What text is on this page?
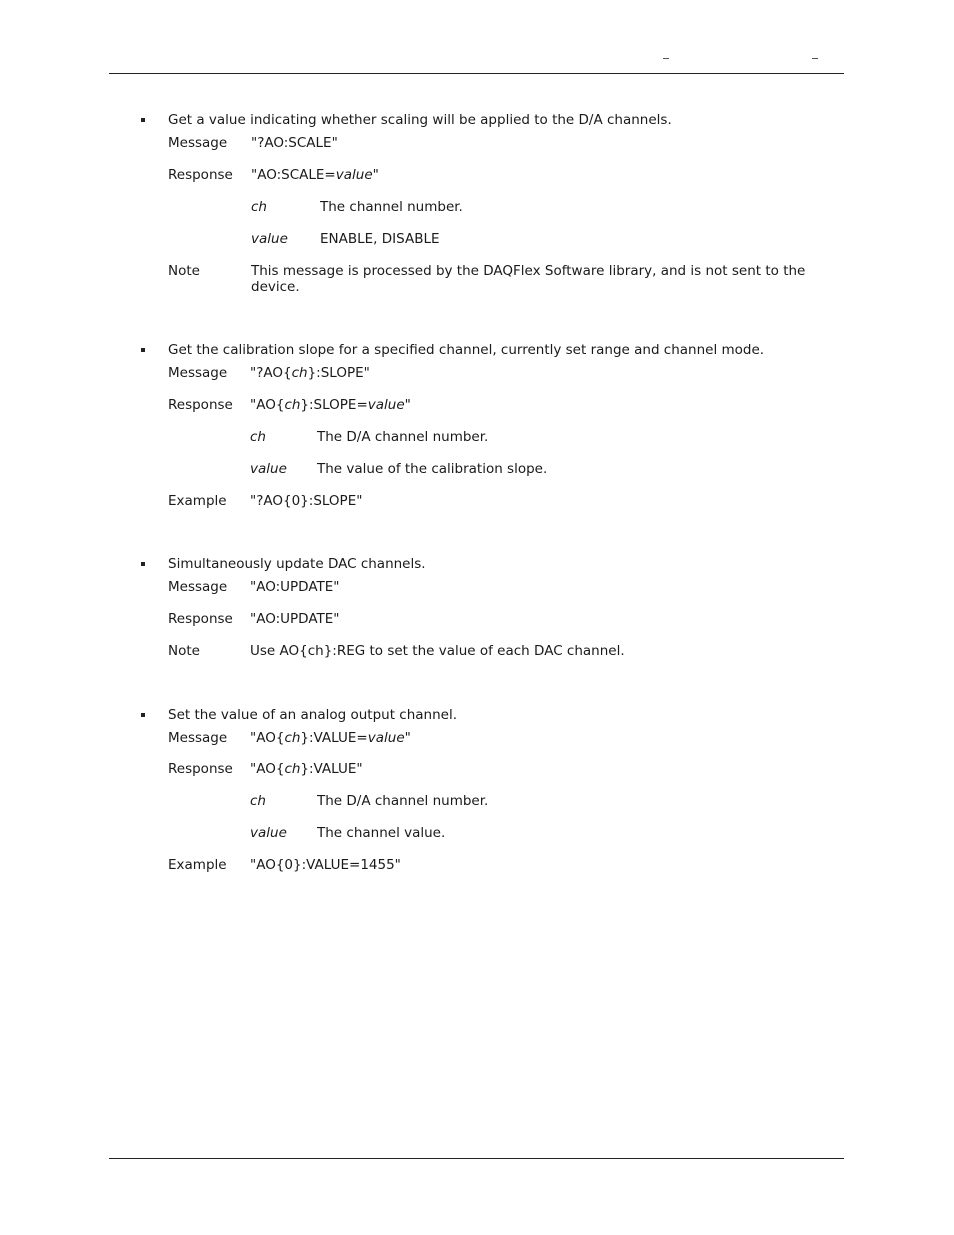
Get a value indicating whether scaling will be applied to the D/A channels.
Message "?AO:SCALE"
Response "AO:SCALE=value"
ch	The channel number.
value ENABLE, DISABLE
Note	This message is processed by the DAQFlex Software library, and is not sent to the device.
Get the calibration slope for a specified channel, currently set range and channel mode.
Message "?AO{ch}:SLOPE"
Response "AO{ch}:SLOPE=value"
ch	The D/A channel number.
value The value of the calibration slope.
Example "?AO{0}:SLOPE"
Simultaneously update DAC channels.
Message "AO:UPDATE"
Response "AO:UPDATE"
Note	Use AO{ch}:REG to set the value of each DAC channel.
Set the value of an analog output channel.
Message "AO{ch}:VALUE=value"
Response "AO{ch}:VALUE"
ch	The D/A channel number.
value The channel value.
Example "AO{0}:VALUE=1455"
